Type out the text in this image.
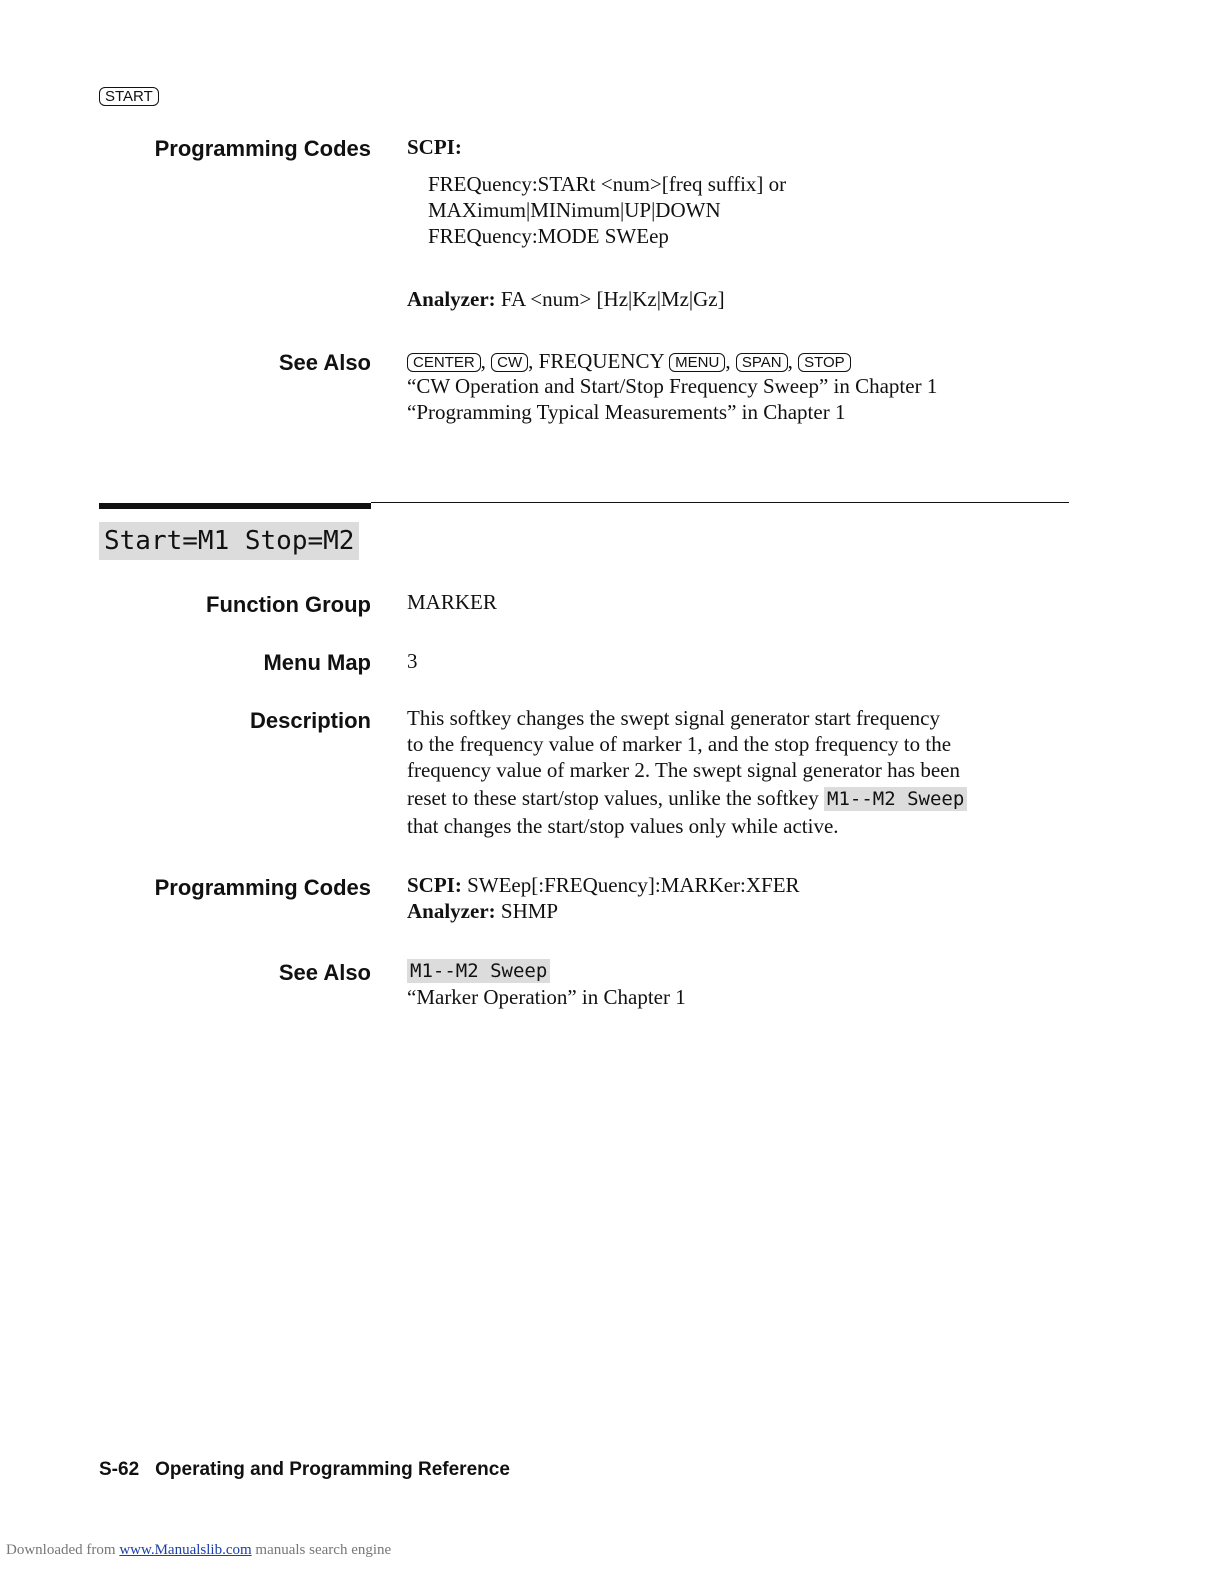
START
Programming Codes SCPI:
FREQuency:STARt <num>[freq suffix] or
MAXimum|MINimum|UP|DOWN
FREQuency:MODE SWEep
Analyzer: FA <num> [Hz|Kz|Mz|Gz]
See Also	CENTER , CW , FREQUENCY MENU , SPAN , STOP
“CW Operation and Start/Stop Frequency Sweep” in Chapter 1
“Programming Typical Measurements” in Chapter 1
Start=M1 Stop=M2
Function Group MARKER
Menu Map 3
Description This softkey changes the swept signal generator start frequency
to the frequency value of marker 1, and the stop frequency to the
frequency value of marker 2. The swept signal generator has been
reset to these start/stop values, unlike the softkey M1--M2 Sweep
that changes the start/stop values only while active.
Programming Codes SCPI: SWEep[:FREQuency]:MARKer:XFER
Analyzer: SHMP
See Also M1--M2 Sweep
“Marker Operation” in Chapter 1
S-62 Operating and Programming Reference
Downloaded from www.Manualslib.com manuals search engine
